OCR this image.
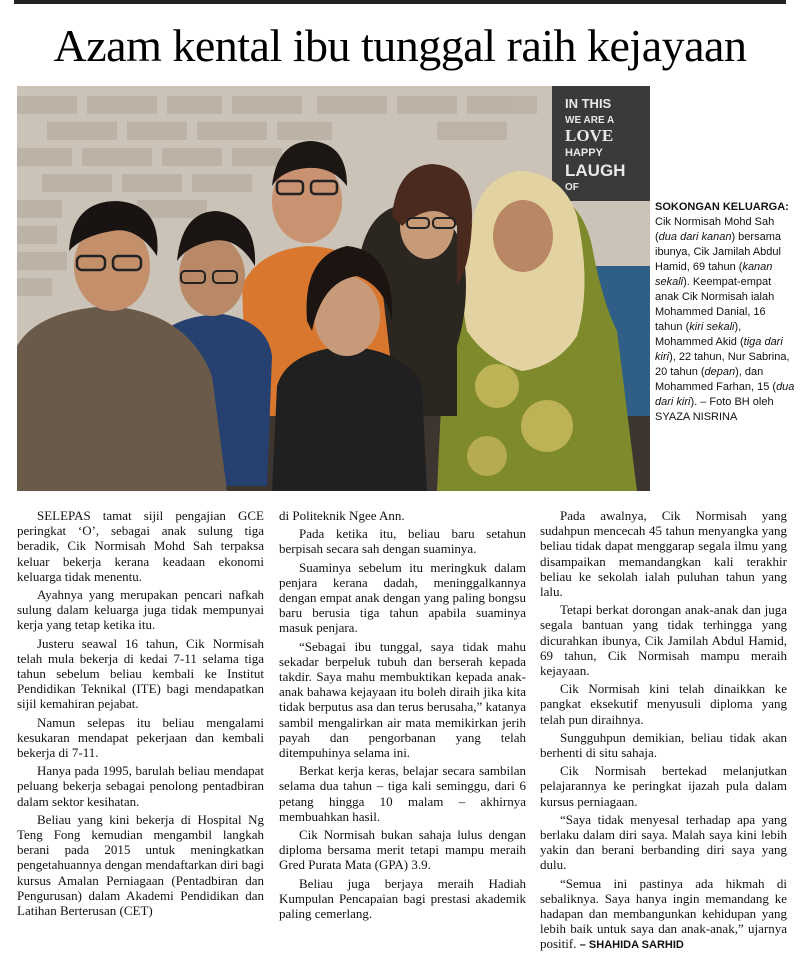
Azam kental ibu tunggal raih kejayaan
IN THIS
WE ARE A
LOVE
HAPPY
LAUGH
OF
SOKONGAN KELUARGA:
Cik Normisah Mohd Sah (dua dari kanan) bersama ibunya, Cik Jamilah Abdul Hamid, 69 tahun (kanan sekali). Keempat-empat anak Cik Normisah ialah Mohammed Danial, 16 tahun (kiri sekali), Mohammed Akid (tiga dari kiri), 22 tahun, Nur Sabrina, 20 tahun (depan), dan Mohammed Farhan, 15 (dua dari kiri). – Foto BH oleh SYAZA NISRINA

SELEPAS tamat sijil pengajian GCE peringkat ‘O’, sebagai anak sulung tiga beradik, Cik Normisah Mohd Sah terpaksa keluar bekerja kerana keadaan ekonomi keluarga tidak menentu.

Ayahnya yang merupakan pencari nafkah sulung dalam keluarga juga tidak mempunyai kerja yang tetap ketika itu.

Justeru seawal 16 tahun, Cik Normisah telah mula bekerja di kedai 7-11 selama tiga tahun sebelum beliau kembali ke Institut Pendidikan Teknikal (ITE) bagi mendapatkan sijil kemahiran pejabat.

Namun selepas itu beliau mengalami kesukaran mendapat pekerjaan dan kembali bekerja di 7-11.

Hanya pada 1995, barulah beliau mendapat peluang bekerja sebagai penolong pentadbiran dalam sektor kesihatan.

Beliau yang kini bekerja di Hospital Ng Teng Fong kemudian mengambil langkah berani pada 2015 untuk meningkatkan pengetahuannya dengan mendaftarkan diri bagi kursus Amalan Perniagaan (Pentadbiran dan Pengurusan) dalam Akademi Pendidikan dan Latihan Berterusan (CET)

di Politeknik Ngee Ann.

Pada ketika itu, beliau baru setahun berpisah secara sah dengan suaminya.

Suaminya sebelum itu meringkuk dalam penjara kerana dadah, meninggalkannya dengan empat anak dengan yang paling bongsu baru berusia tiga tahun apabila suaminya masuk penjara.

“Sebagai ibu tunggal, saya tidak mahu sekadar berpeluk tubuh dan berserah kepada takdir. Saya mahu membuktikan kepada anak-anak bahawa kejayaan itu boleh diraih jika kita tidak berputus asa dan terus berusaha,” katanya sambil mengalirkan air mata memikirkan jerih payah dan pengorbanan yang telah ditempuhinya selama ini.

Berkat kerja keras, belajar secara sambilan selama dua tahun – tiga kali seminggu, dari 6 petang hingga 10 malam – akhirnya membuahkan hasil.

Cik Normisah bukan sahaja lulus dengan diploma bersama merit tetapi mampu meraih Gred Purata Mata (GPA) 3.9.

Beliau juga berjaya meraih Hadiah Kumpulan Pencapaian bagi prestasi akademik paling cemerlang.

Pada awalnya, Cik Normisah yang sudahpun mencecah 45 tahun menyangka yang beliau tidak dapat menggarap segala ilmu yang disampaikan memandangkan kali terakhir beliau ke sekolah ialah puluhan tahun yang lalu.

Tetapi berkat dorongan anak-anak dan juga segala bantuan yang tidak terhingga yang dicurahkan ibunya, Cik Jamilah Abdul Hamid, 69 tahun, Cik Normisah mampu meraih kejayaan.

Cik Normisah kini telah dinaikkan ke pangkat eksekutif menyusuli diploma yang telah pun diraihnya.

Sungguhpun demikian, beliau tidak akan berhenti di situ sahaja.

Cik Normisah bertekad melanjutkan pelajarannya ke peringkat ijazah pula dalam kursus perniagaan.

“Saya tidak menyesal terhadap apa yang berlaku dalam diri saya. Malah saya kini lebih yakin dan berani berbanding diri saya yang dulu.

“Semua ini pastinya ada hikmah di sebaliknya. Saya hanya ingin memandang ke hadapan dan membangunkan kehidupan yang lebih baik untuk saya dan anak-anak,” ujarnya positif. – SHAHIDA SARHID
